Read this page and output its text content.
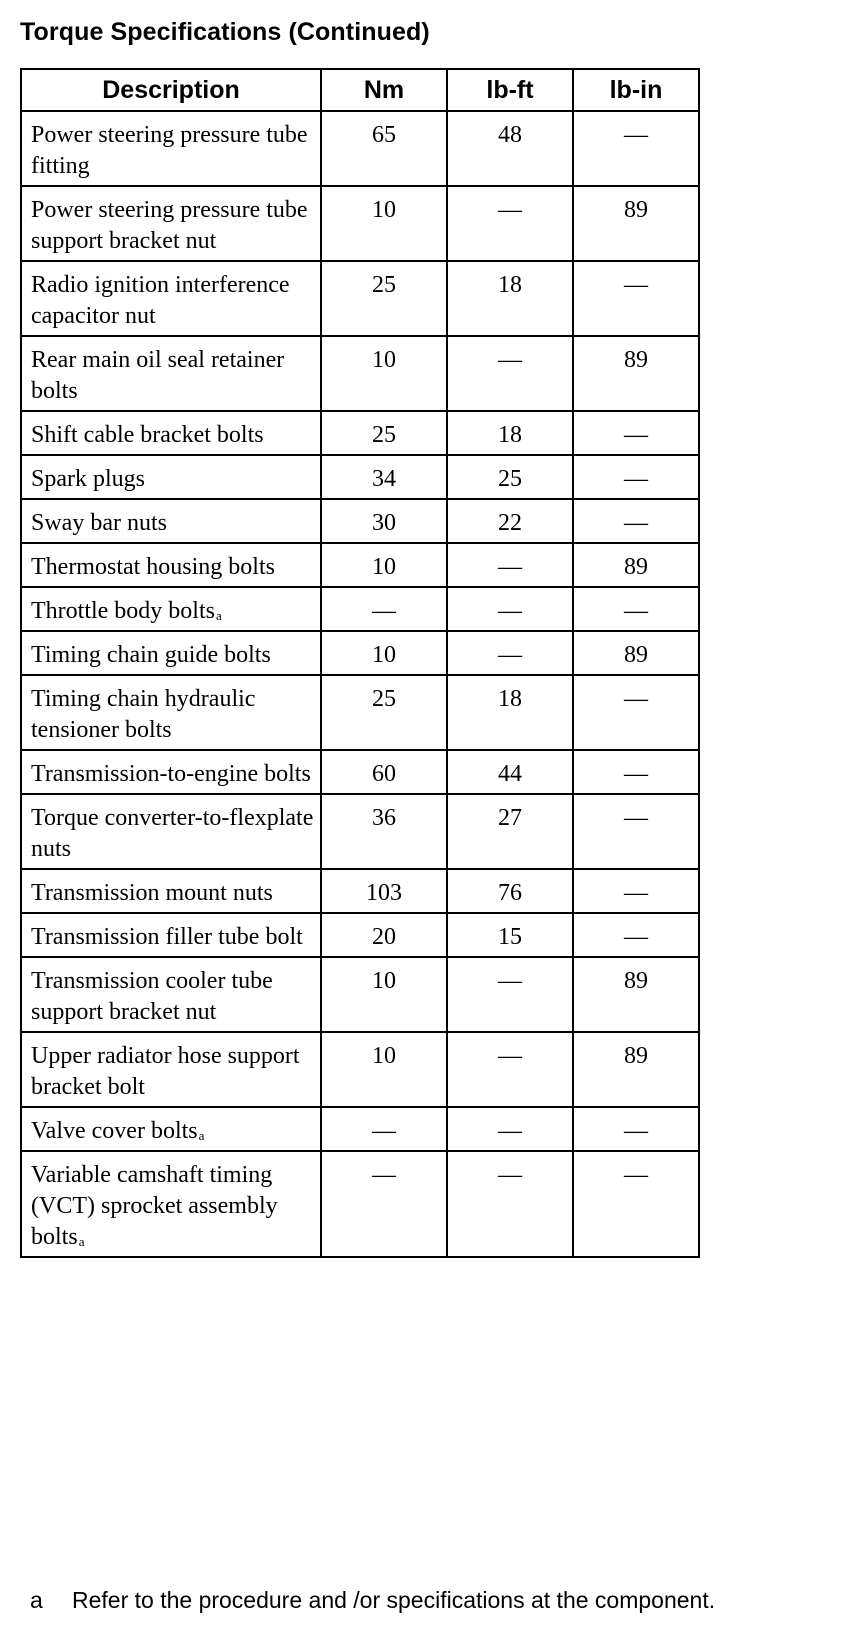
Torque Specifications (Continued)
Description	Nm	lb-ft	lb-in
Power steering pressure tube fitting	65	48	—
Power steering pressure tube support bracket nut	10	—	89
Radio ignition interference capacitor nut	25	18	—
Rear main oil seal retainer bolts	10	—	89
Shift cable bracket bolts	25	18	—
Spark plugs	34	25	—
Sway bar nuts	30	22	—
Thermostat housing bolts	10	—	89
Throttle body bolts$^a$	—	—	—
Timing chain guide bolts	10	—	89
Timing chain hydraulic tensioner bolts	25	18	—
Transmission-to-engine bolts	60	44	—
Torque converter-to-flexplate nuts	36	27	—
Transmission mount nuts	103	76	—
Transmission filler tube bolt	20	15	—
Transmission cooler tube support bracket nut	10	—	89
Upper radiator hose support bracket bolt	10	—	89
Valve cover bolts$^a$	—	—	—
Variable camshaft timing (VCT) sprocket assembly bolts$^a$	—	—	—
a Refer to the procedure and /or specifications at the component.
